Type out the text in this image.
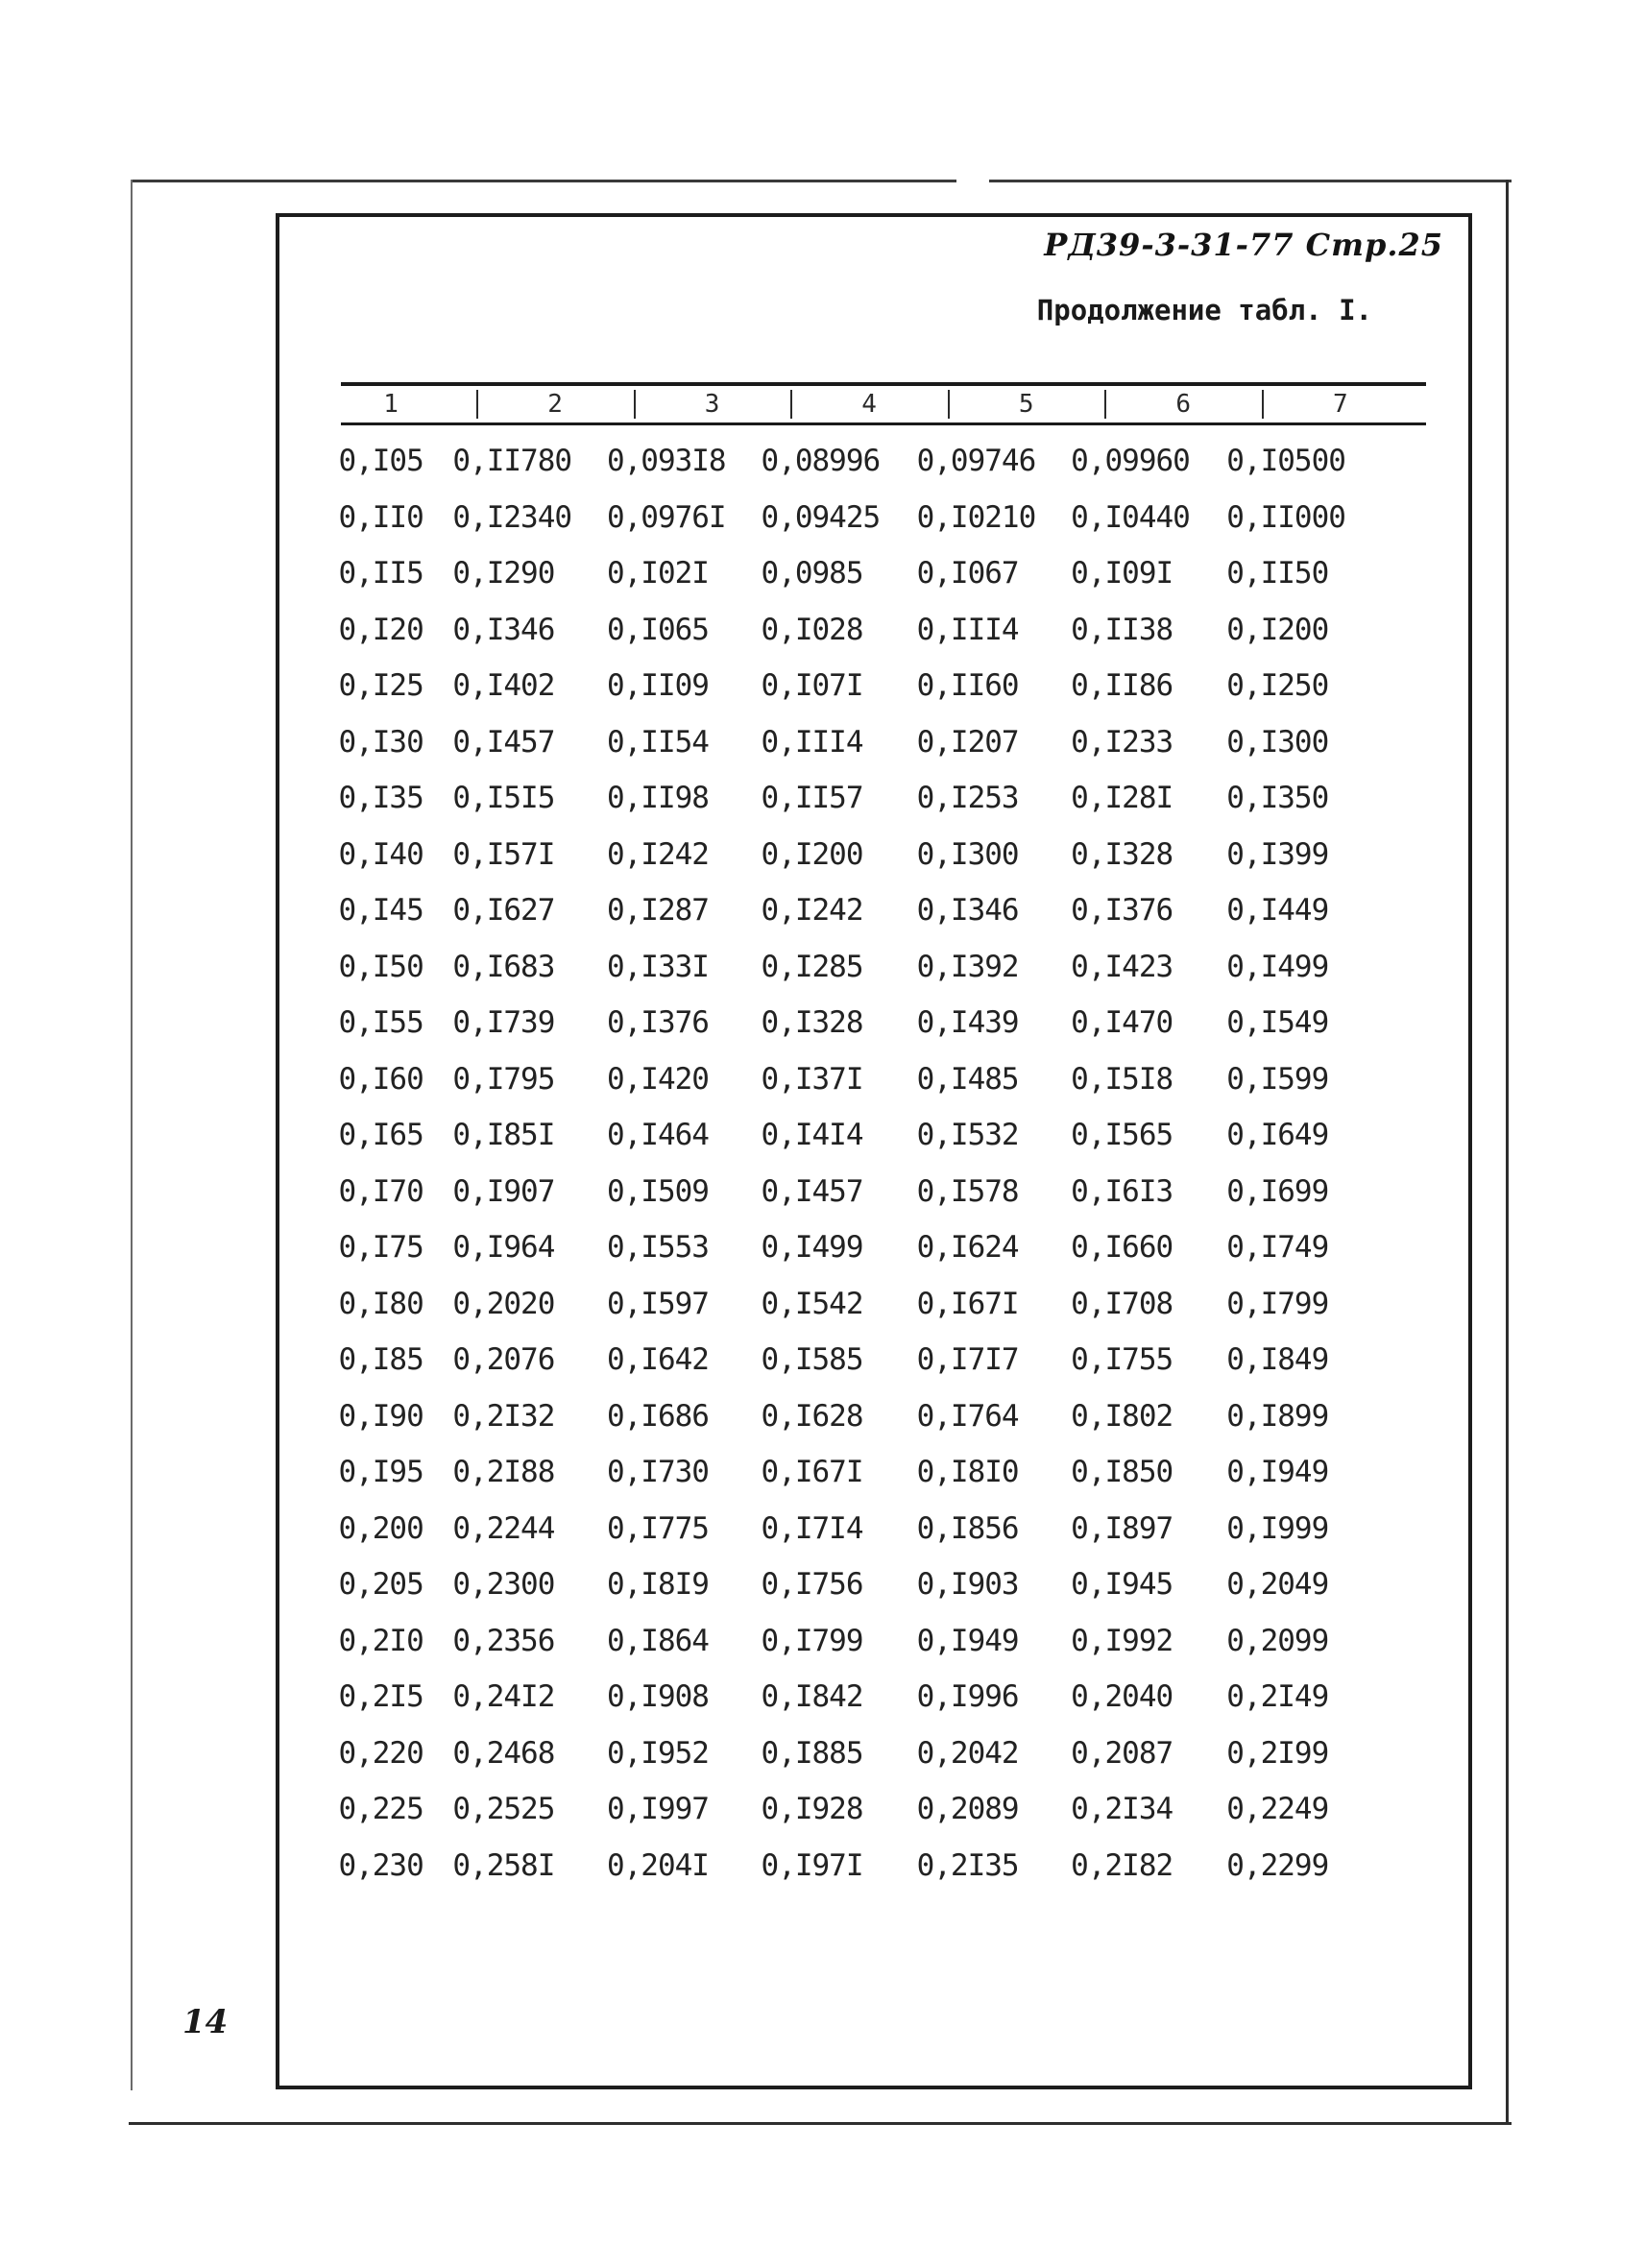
РД39-3-31-77 Стр.25
Продолжение табл. I.
14
1	2	3	4	5	6	7
0,I05 0,II780 0,093I8 0,08996 0,09746 0,09960 0,I0500
0,II0 0,I2340 0,0976I 0,09425 0,I0210 0,I0440 0,II000
0,II5 0,I290 0,I02I 0,0985 0,I067 0,I09I 0,II50
0,I20 0,I346 0,I065 0,I028 0,III4 0,II38 0,I200
0,I25 0,I402 0,II09 0,I07I 0,II60 0,II86 0,I250
0,I30 0,I457 0,II54 0,III4 0,I207 0,I233 0,I300
0,I35 0,I5I5 0,II98 0,II57 0,I253 0,I28I 0,I350
0,I40 0,I57I 0,I242 0,I200 0,I300 0,I328 0,I399
0,I45 0,I627 0,I287 0,I242 0,I346 0,I376 0,I449
0,I50 0,I683 0,I33I 0,I285 0,I392 0,I423 0,I499
0,I55 0,I739 0,I376 0,I328 0,I439 0,I470 0,I549
0,I60 0,I795 0,I420 0,I37I 0,I485 0,I5I8 0,I599
0,I65 0,I85I 0,I464 0,I4I4 0,I532 0,I565 0,I649
0,I70 0,I907 0,I509 0,I457 0,I578 0,I6I3 0,I699
0,I75 0,I964 0,I553 0,I499 0,I624 0,I660 0,I749
0,I80 0,2020 0,I597 0,I542 0,I67I 0,I708 0,I799
0,I85 0,2076 0,I642 0,I585 0,I7I7 0,I755 0,I849
0,I90 0,2I32 0,I686 0,I628 0,I764 0,I802 0,I899
0,I95 0,2I88 0,I730 0,I67I 0,I8I0 0,I850 0,I949
0,200 0,2244 0,I775 0,I7I4 0,I856 0,I897 0,I999
0,205 0,2300 0,I8I9 0,I756 0,I903 0,I945 0,2049
0,2I0 0,2356 0,I864 0,I799 0,I949 0,I992 0,2099
0,2I5 0,24I2 0,I908 0,I842 0,I996 0,2040 0,2I49
0,220 0,2468 0,I952 0,I885 0,2042 0,2087 0,2I99
0,225 0,2525 0,I997 0,I928 0,2089 0,2I34 0,2249
0,230 0,258I 0,204I 0,I97I 0,2I35 0,2I82 0,2299
